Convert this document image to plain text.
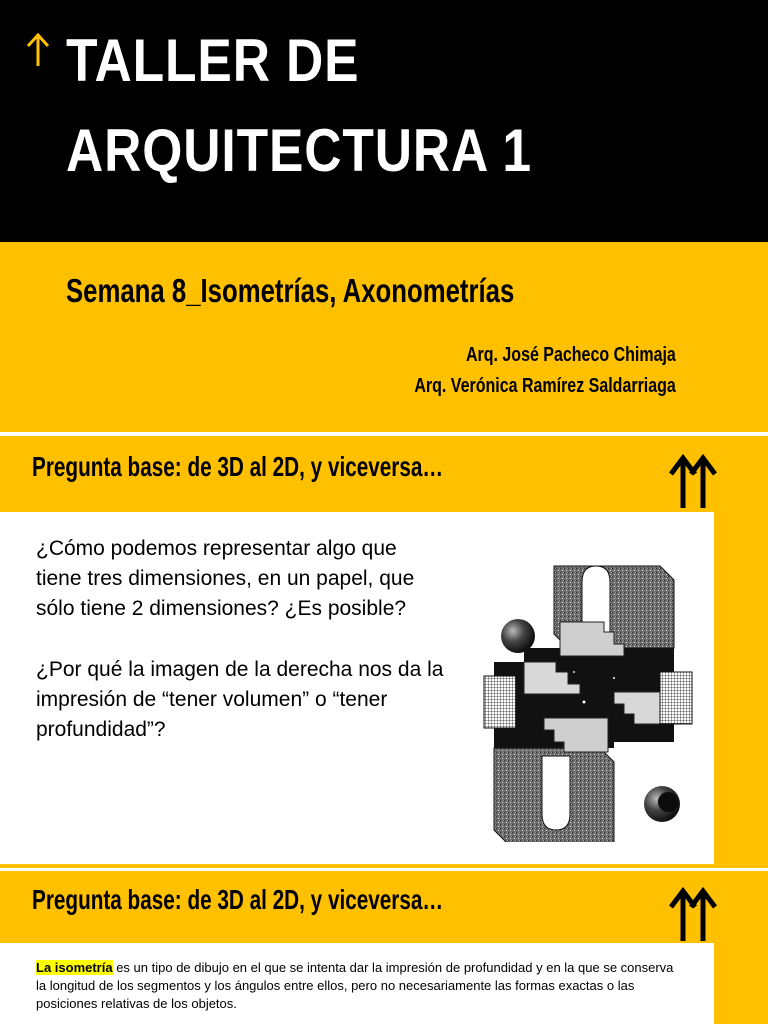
TALLER DE
ARQUITECTURA 1
Semana 8_Isometrías, Axonometrías
Arq. José Pacheco Chimaja
Arq. Verónica Ramírez Saldarriaga
Pregunta base: de 3D al 2D, y viceversa…

¿Cómo podemos representar algo que tiene tres dimensiones, en un papel, que sólo tiene 2 dimensiones? ¿Es posible?

¿Por qué la imagen de la derecha nos da la impresión de “tener volumen” o “tener profundidad”?

Pregunta base: de 3D al 2D, y viceversa…
La isometría es un tipo de dibujo en el que se intenta dar la impresión de profundidad y en la que se conserva la longitud de los segmentos y los ángulos entre ellos, pero no necesariamente las formas exactas o las posiciones relativas de los objetos.
